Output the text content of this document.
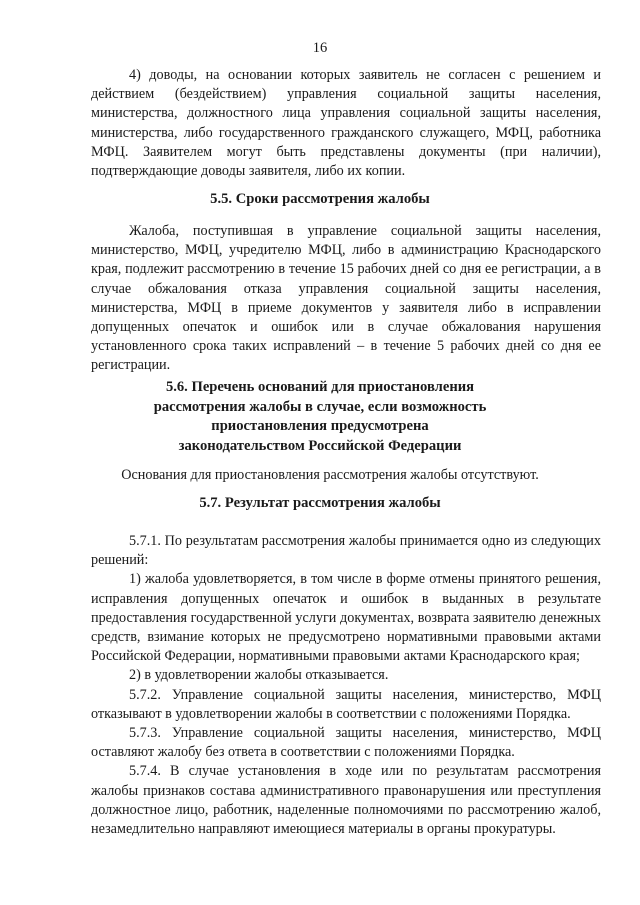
16

4) доводы, на основании которых заявитель не согласен с решением и действием (бездействием) управления социальной защиты населения, министерства, должностного лица управления социальной защиты населения, министерства, либо государственного гражданского служащего, МФЦ, работника МФЦ. Заявителем могут быть представлены документы (при наличии), подтверждающие доводы заявителя, либо их копии.

5.5. Сроки рассмотрения жалобы

Жалоба, поступившая в управление социальной защиты населения, министерство, МФЦ, учредителю МФЦ, либо в администрацию Краснодарского края, подлежит рассмотрению в течение 15 рабочих дней со дня ее регистрации, а в случае обжалования отказа управления социальной защиты населения, министерства, МФЦ в приеме документов у заявителя либо в исправлении допущенных опечаток и ошибок или в случае обжалования нарушения установленного срока таких исправлений – в течение 5 рабочих дней со дня ее регистрации.

5.6. Перечень оснований для приостановления
рассмотрения жалобы в случае, если возможность
приостановления предусмотрена
законодательством Российской Федерации
Основания для приостановления рассмотрения жалобы отсутствуют.
5.7. Результат рассмотрения жалобы

5.7.1. По результатам рассмотрения жалобы принимается одно из следующих решений:

1) жалоба удовлетворяется, в том числе в форме отмены принятого решения, исправления допущенных опечаток и ошибок в выданных в результате предоставления государственной услуги документах, возврата заявителю денежных средств, взимание которых не предусмотрено нормативными правовыми актами Российской Федерации, нормативными правовыми актами Краснодарского края;

2) в удовлетворении жалобы отказывается.

5.7.2. Управление социальной защиты населения, министерство, МФЦ отказывают в удовлетворении жалобы в соответствии с положениями Порядка.

5.7.3. Управление социальной защиты населения, министерство, МФЦ оставляют жалобу без ответа в соответствии с положениями Порядка.

5.7.4. В случае установления в ходе или по результатам рассмотрения жалобы признаков состава административного правонарушения или преступления должностное лицо, работник, наделенные полномочиями по рассмотрению жалоб, незамедлительно направляют имеющиеся материалы в органы прокуратуры.
